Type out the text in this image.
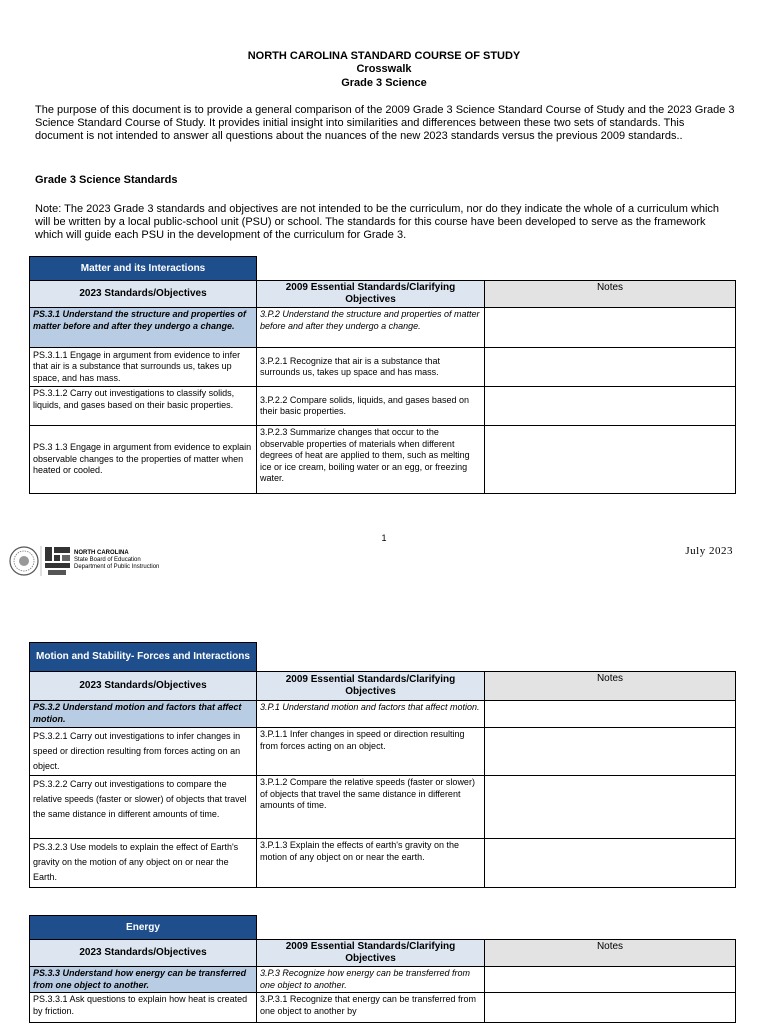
NORTH CAROLINA STANDARD COURSE OF STUDY
Crosswalk
Grade 3 Science
The purpose of this document is to provide a general comparison of the 2009 Grade 3 Science Standard Course of Study and the 2023 Grade 3 Science Standard Course of Study. It provides initial insight into similarities and differences between these two sets of standards. This document is not intended to answer all questions about the nuances of the new 2023 standards versus the previous 2009 standards..
Grade 3 Science Standards
Note: The 2023 Grade 3 standards and objectives are not intended to be the curriculum, nor do they indicate the whole of a curriculum which will be written by a local public-school unit (PSU) or school. The standards for this course have been developed to serve as the framework which will guide each PSU in the development of the curriculum for Grade 3.
Matter and its Interactions		
2023 Standards/Objectives	2009 Essential Standards/Clarifying Objectives	Notes
PS.3.1 Understand the structure and properties of matter before and after they undergo a change.	3.P.2 Understand the structure and properties of matter before and after they undergo a change.	
PS.3.1.1 Engage in argument from evidence to infer that air is a substance that surrounds us, takes up space, and has mass.	3.P.2.1 Recognize that air is a substance that surrounds us, takes up space and has mass.	
PS.3.1.2 Carry out investigations to classify solids, liquids, and gases based on their basic properties.	3.P.2.2 Compare solids, liquids, and gases based on their basic properties.	
PS.3 1.3 Engage in argument from evidence to explain observable changes to the properties of matter when heated or cooled.	3.P.2.3 Summarize changes that occur to the observable properties of materials when different degrees of heat are applied to them, such as melting ice or ice cream, boiling water or an egg, or freezing water.	
1
NORTH CAROLINA
State Board of Education
Department of Public Instruction
July 2023
Motion and Stability- Forces and Interactions		
2023 Standards/Objectives	2009 Essential Standards/Clarifying Objectives	Notes
PS.3.2 Understand motion and factors that affect motion.	3.P.1 Understand motion and factors that affect motion.	
PS.3.2.1 Carry out investigations to infer changes in speed or direction resulting from forces acting on an object.	3.P.1.1 Infer changes in speed or direction resulting from forces acting on an object.	
PS.3.2.2 Carry out investigations to compare the relative speeds (faster or slower) of objects that travel the same distance in different amounts of time.	3.P.1.2 Compare the relative speeds (faster or slower) of objects that travel the same distance in different amounts of time.	
PS.3.2.3 Use models to explain the effect of Earth's gravity on the motion of any object on or near the Earth.	3.P.1.3 Explain the effects of earth's gravity on the motion of any object on or near the earth.	
Energy		
2023 Standards/Objectives	2009 Essential Standards/Clarifying Objectives	Notes
PS.3.3 Understand how energy can be transferred from one object to another.	3.P.3 Recognize how energy can be transferred from one object to another.	
PS.3.3.1 Ask questions to explain how heat is created by friction.	3.P.3.1 Recognize that energy can be transferred from one object to another by	
